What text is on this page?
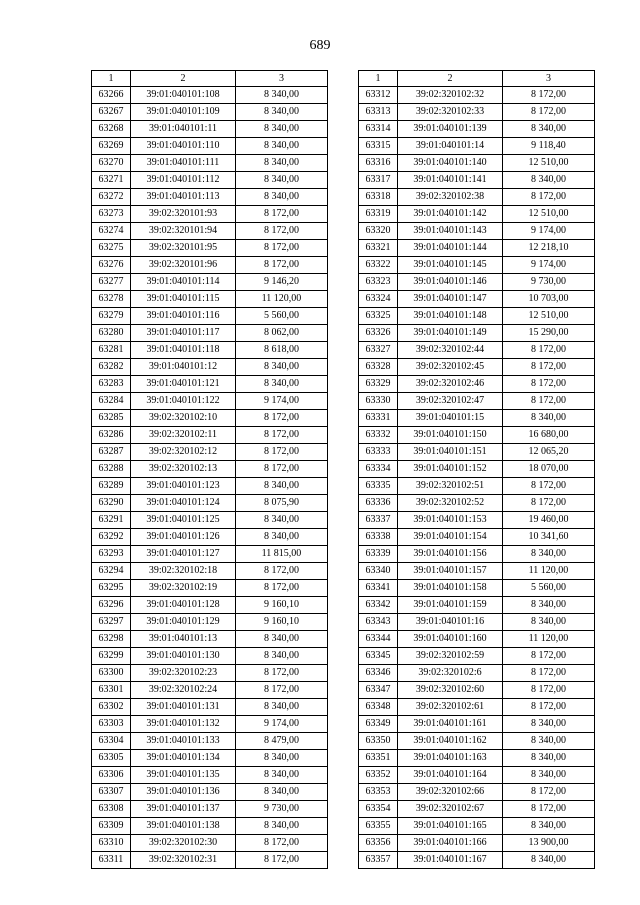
689
1	2	3
63266	39:01:040101:108	8 340,00
63267	39:01:040101:109	8 340,00
63268	39:01:040101:11	8 340,00
63269	39:01:040101:110	8 340,00
63270	39:01:040101:111	8 340,00
63271	39:01:040101:112	8 340,00
63272	39:01:040101:113	8 340,00
63273	39:02:320101:93	8 172,00
63274	39:02:320101:94	8 172,00
63275	39:02:320101:95	8 172,00
63276	39:02:320101:96	8 172,00
63277	39:01:040101:114	9 146,20
63278	39:01:040101:115	11 120,00
63279	39:01:040101:116	5 560,00
63280	39:01:040101:117	8 062,00
63281	39:01:040101:118	8 618,00
63282	39:01:040101:12	8 340,00
63283	39:01:040101:121	8 340,00
63284	39:01:040101:122	9 174,00
63285	39:02:320102:10	8 172,00
63286	39:02:320102:11	8 172,00
63287	39:02:320102:12	8 172,00
63288	39:02:320102:13	8 172,00
63289	39:01:040101:123	8 340,00
63290	39:01:040101:124	8 075,90
63291	39:01:040101:125	8 340,00
63292	39:01:040101:126	8 340,00
63293	39:01:040101:127	11 815,00
63294	39:02:320102:18	8 172,00
63295	39:02:320102:19	8 172,00
63296	39:01:040101:128	9 160,10
63297	39:01:040101:129	9 160,10
63298	39:01:040101:13	8 340,00
63299	39:01:040101:130	8 340,00
63300	39:02:320102:23	8 172,00
63301	39:02:320102:24	8 172,00
63302	39:01:040101:131	8 340,00
63303	39:01:040101:132	9 174,00
63304	39:01:040101:133	8 479,00
63305	39:01:040101:134	8 340,00
63306	39:01:040101:135	8 340,00
63307	39:01:040101:136	8 340,00
63308	39:01:040101:137	9 730,00
63309	39:01:040101:138	8 340,00
63310	39:02:320102:30	8 172,00
63311	39:02:320102:31	8 172,00
1	2	3
63312	39:02:320102:32	8 172,00
63313	39:02:320102:33	8 172,00
63314	39:01:040101:139	8 340,00
63315	39:01:040101:14	9 118,40
63316	39:01:040101:140	12 510,00
63317	39:01:040101:141	8 340,00
63318	39:02:320102:38	8 172,00
63319	39:01:040101:142	12 510,00
63320	39:01:040101:143	9 174,00
63321	39:01:040101:144	12 218,10
63322	39:01:040101:145	9 174,00
63323	39:01:040101:146	9 730,00
63324	39:01:040101:147	10 703,00
63325	39:01:040101:148	12 510,00
63326	39:01:040101:149	15 290,00
63327	39:02:320102:44	8 172,00
63328	39:02:320102:45	8 172,00
63329	39:02:320102:46	8 172,00
63330	39:02:320102:47	8 172,00
63331	39:01:040101:15	8 340,00
63332	39:01:040101:150	16 680,00
63333	39:01:040101:151	12 065,20
63334	39:01:040101:152	18 070,00
63335	39:02:320102:51	8 172,00
63336	39:02:320102:52	8 172,00
63337	39:01:040101:153	19 460,00
63338	39:01:040101:154	10 341,60
63339	39:01:040101:156	8 340,00
63340	39:01:040101:157	11 120,00
63341	39:01:040101:158	5 560,00
63342	39:01:040101:159	8 340,00
63343	39:01:040101:16	8 340,00
63344	39:01:040101:160	11 120,00
63345	39:02:320102:59	8 172,00
63346	39:02:320102:6	8 172,00
63347	39:02:320102:60	8 172,00
63348	39:02:320102:61	8 172,00
63349	39:01:040101:161	8 340,00
63350	39:01:040101:162	8 340,00
63351	39:01:040101:163	8 340,00
63352	39:01:040101:164	8 340,00
63353	39:02:320102:66	8 172,00
63354	39:02:320102:67	8 172,00
63355	39:01:040101:165	8 340,00
63356	39:01:040101:166	13 900,00
63357	39:01:040101:167	8 340,00
